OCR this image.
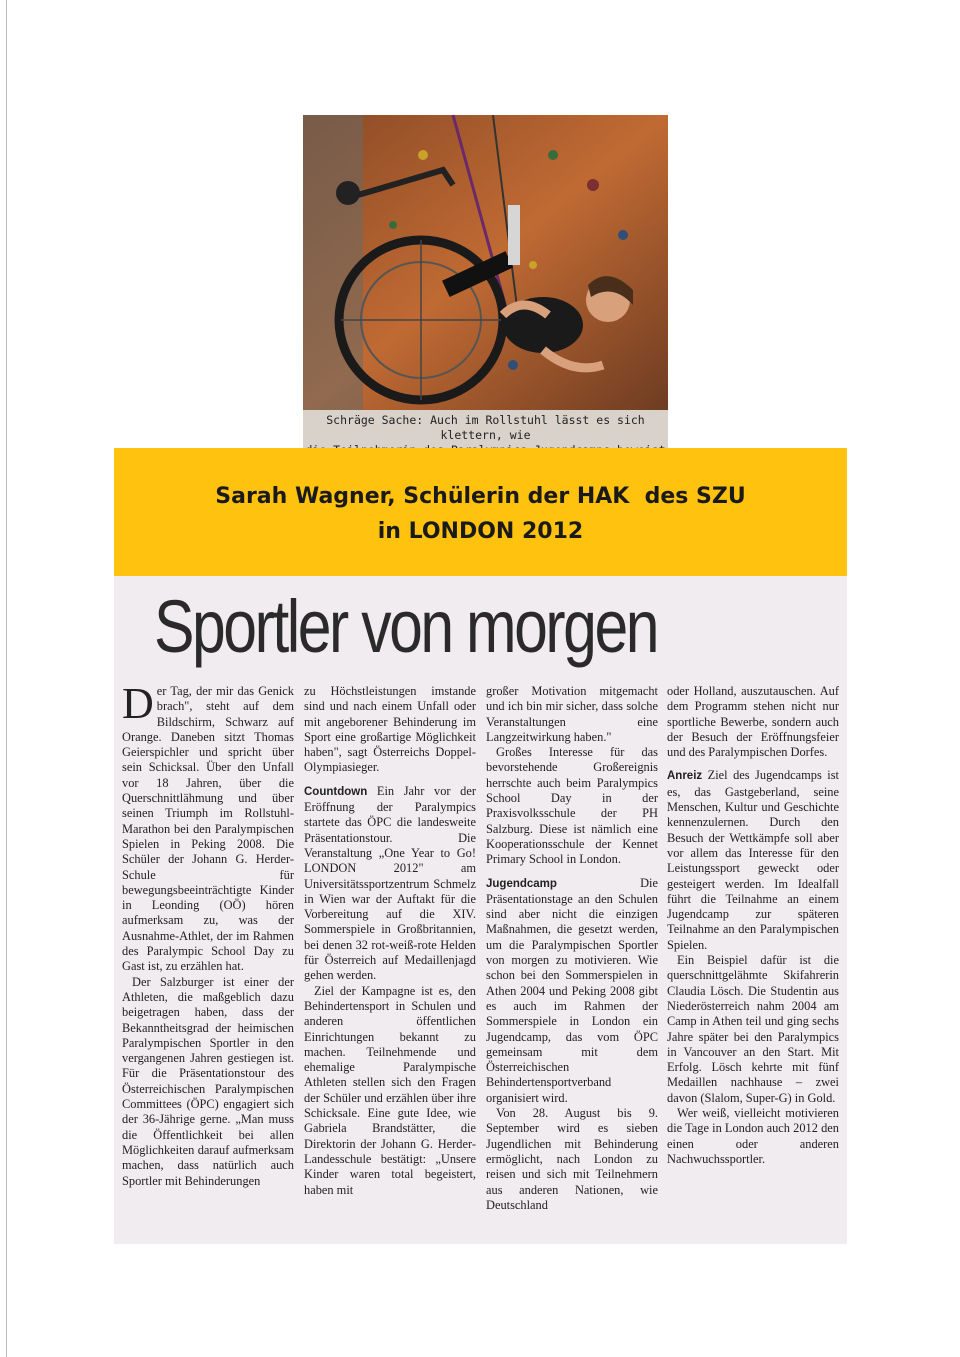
Schräge Sache: Auch im Rollstuhl lässt es sich klettern, wie
Sarah Wagner, Schülerin der HAK  des SZU
in LONDON 2012
Sportler von morgen

Der Tag, der mir das Genick brach", steht auf dem Bildschirm, Schwarz auf Orange. Daneben sitzt Thomas Geierspichler und spricht über sein Schicksal. Über den Unfall vor 18 Jahren, über die Querschnittlähmung und über seinen Triumph im Rollstuhl-Marathon bei den Paralympischen Spielen in Peking 2008. Die Schüler der Johann G. Herder-Schule für bewegungsbeeinträchtigte Kinder in Leonding (OÖ) hören aufmerksam zu, was der Ausnahme-Athlet, der im Rahmen des Paralympic School Day zu Gast ist, zu erzählen hat.

Der Salzburger ist einer der Athleten, die maßgeblich dazu beigetragen haben, dass der Bekanntheitsgrad der heimischen Paralympischen Sportler in den vergangenen Jahren gestiegen ist. Für die Präsentationstour des Österreichischen Paralympischen Committees (ÖPC) engagiert sich der 36-Jährige gerne. „Man muss die Öffentlichkeit bei allen Möglichkeiten darauf aufmerksam machen, dass natürlich auch Sportler mit Behinderungen

zu Höchstleistungen imstande sind und nach einem Unfall oder mit angeborener Behinderung im Sport eine großartige Möglichkeit haben", sagt Österreichs Doppel-Olympiasieger.

Countdown Ein Jahr vor der Eröffnung der Paralympics startete das ÖPC die landesweite Präsentationstour. Die Veranstaltung „One Year to Go! LONDON 2012" am Universitätssportzentrum Schmelz in Wien war der Auftakt für die Vorbereitung auf die XIV. Sommerspiele in Großbritannien, bei denen 32 rot-weiß-rote Helden für Österreich auf Medaillenjagd gehen werden.

Ziel der Kampagne ist es, den Behindertensport in Schulen und anderen öffentlichen Einrichtungen bekannt zu machen. Teilnehmende und ehemalige Paralympische Athleten stellen sich den Fragen der Schüler und erzählen über ihre Schicksale. Eine gute Idee, wie Gabriela Brandstätter, die Direktorin der Johann G. Herder-Landesschule bestätigt: „Unsere Kinder waren total begeistert, haben mit

großer Motivation mitgemacht und ich bin mir sicher, dass solche Veranstaltungen eine Langzeitwirkung haben."

Großes Interesse für das bevorstehende Großereignis herrschte auch beim Paralympics School Day in der Praxisvolksschule der PH Salzburg. Diese ist nämlich eine Kooperationsschule der Kennet Primary School in London.

Jugendcamp Die Präsentationstage an den Schulen sind aber nicht die einzigen Maßnahmen, die gesetzt werden, um die Paralympischen Sportler von morgen zu motivieren. Wie schon bei den Sommerspielen in Athen 2004 und Peking 2008 gibt es auch im Rahmen der Sommerspiele in London ein Jugendcamp, das vom ÖPC gemeinsam mit dem Österreichischen Behindertensportverband organisiert wird.

Von 28. August bis 9. September wird es sieben Jugendlichen mit Behinderung ermöglicht, nach London zu reisen und sich mit Teilnehmern aus anderen Nationen, wie Deutschland

oder Holland, auszutauschen. Auf dem Programm stehen nicht nur sportliche Bewerbe, sondern auch der Besuch der Eröffnungsfeier und des Paralympischen Dorfes.

Anreiz Ziel des Jugendcamps ist es, das Gastgeberland, seine Menschen, Kultur und Geschichte kennenzulernen. Durch den Besuch der Wettkämpfe soll aber vor allem das Interesse für den Leistungssport geweckt oder gesteigert werden. Im Idealfall führt die Teilnahme an einem Jugendcamp zur späteren Teilnahme an den Paralympischen Spielen.

Ein Beispiel dafür ist die querschnittgelähmte Skifahrerin Claudia Lösch. Die Studentin aus Niederösterreich nahm 2004 am Camp in Athen teil und ging sechs Jahre später bei den Paralympics in Vancouver an den Start. Mit Erfolg. Lösch kehrte mit fünf Medaillen nachhause – zwei davon (Slalom, Super-G) in Gold.

Wer weiß, vielleicht motivieren die Tage in London auch 2012 den einen oder anderen Nachwuchssportler.
